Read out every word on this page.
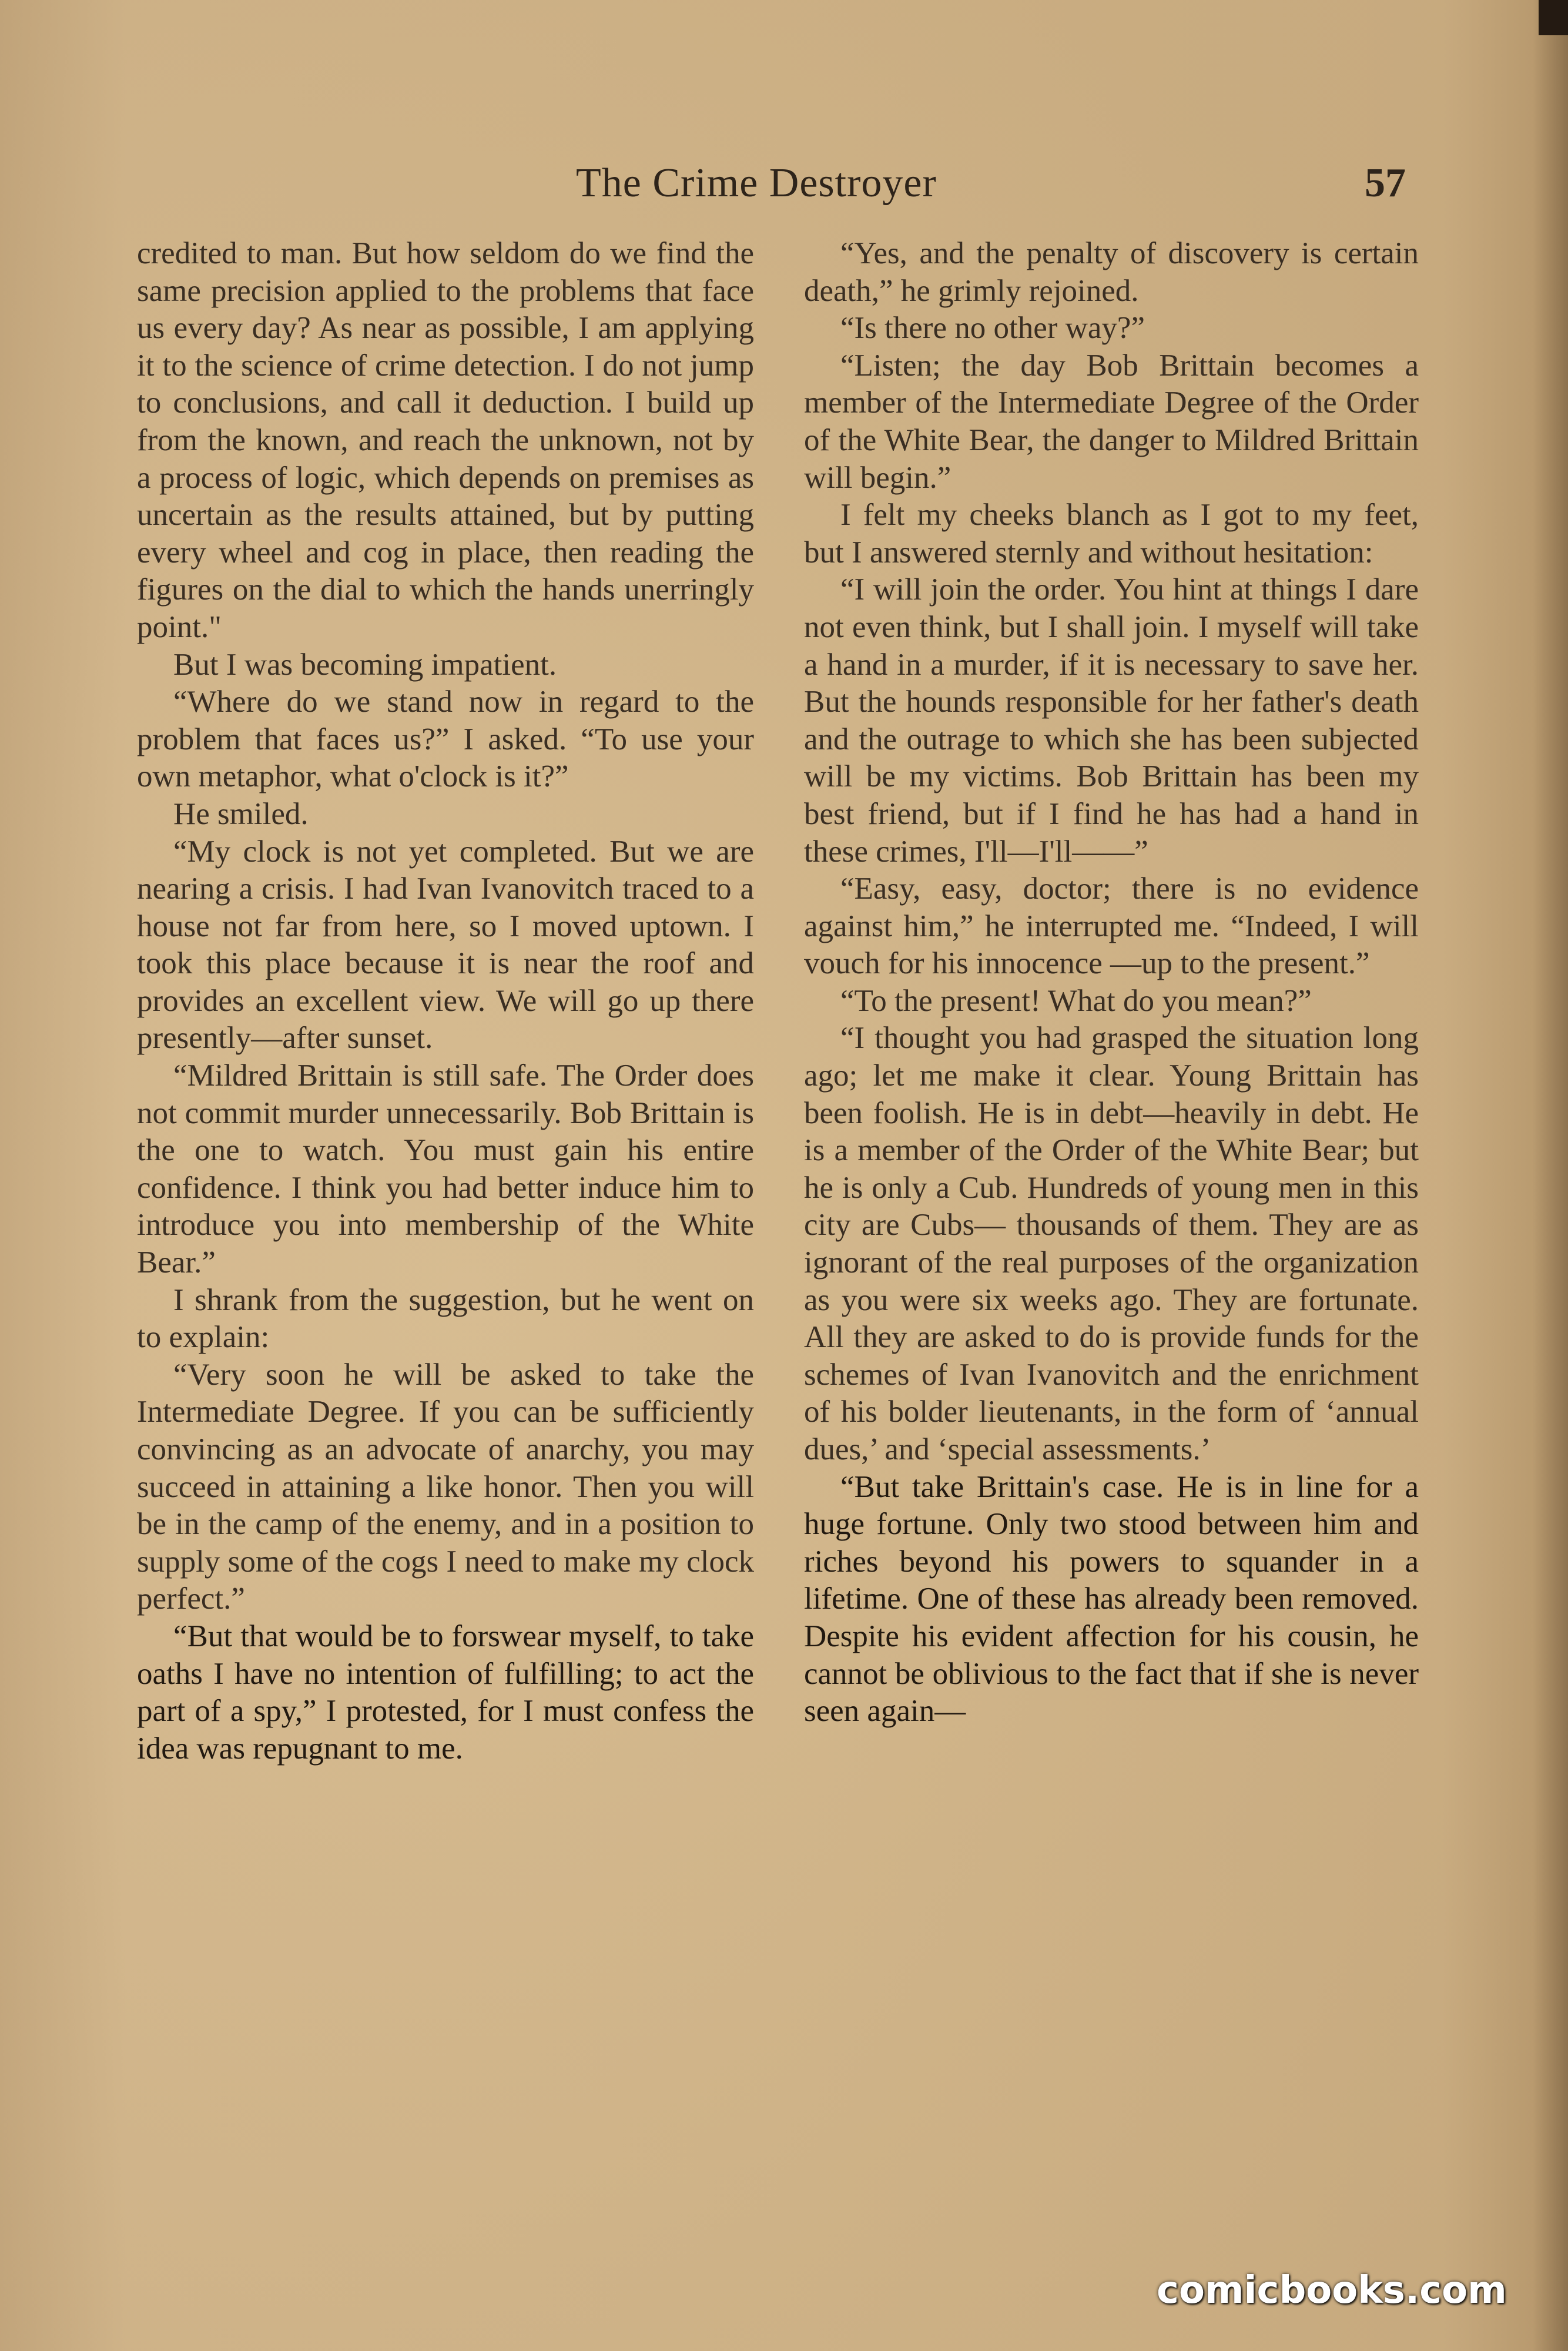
The Crime Destroyer	57

credited to man. But how seldom do we find the same precision applied to the problems that face us every day? As near as possible, I am applying it to the science of crime detection. I do not jump to conclusions, and call it deduction. I build up from the known, and reach the unknown, not by a process of logic, which depends on premises as uncertain as the results attained, but by putting every wheel and cog in place, then reading the figures on the dial to which the hands unerringly point."

But I was becoming impatient.

“Where do we stand now in regard to the problem that faces us?” I asked. “To use your own metaphor, what o'clock is it?”

He smiled.

“My clock is not yet completed. But we are nearing a crisis. I had Ivan Ivanovitch traced to a house not far from here, so I moved uptown. I took this place because it is near the roof and provides an excellent view. We will go up there presently—after sunset.

“Mildred Brittain is still safe. The Order does not commit murder unnecessarily. Bob Brittain is the one to watch. You must gain his entire confidence. I think you had better induce him to introduce you into membership of the White Bear.”

I shrank from the suggestion, but he went on to explain:

“Very soon he will be asked to take the Intermediate Degree. If you can be sufficiently convincing as an advocate of anarchy, you may succeed in attaining a like honor. Then you will be in the camp of the enemy, and in a position to supply some of the cogs I need to make my clock perfect.”

“But that would be to forswear myself, to take oaths I have no intention of fulfilling; to act the part of a spy,” I protested, for I must confess the idea was repugnant to me.

“Yes, and the penalty of discovery is certain death,” he grimly rejoined.

“Is there no other way?”

“Listen; the day Bob Brittain becomes a member of the Intermediate Degree of the Order of the White Bear, the danger to Mildred Brittain will begin.”

I felt my cheeks blanch as I got to my feet, but I answered sternly and without hesitation:

“I will join the order. You hint at things I dare not even think, but I shall join. I myself will take a hand in a murder, if it is necessary to save her. But the hounds responsible for her father's death and the outrage to which she has been subjected will be my victims. Bob Brittain has been my best friend, but if I find he has had a hand in these crimes, I'll—I'll——”

“Easy, easy, doctor; there is no evidence against him,” he interrupted me. “Indeed, I will vouch for his innocence —up to the present.”

“To the present! What do you mean?”

“I thought you had grasped the situation long ago; let me make it clear. Young Brittain has been foolish. He is in debt—heavily in debt. He is a member of the Order of the White Bear; but he is only a Cub. Hundreds of young men in this city are Cubs— thousands of them. They are as ignorant of the real purposes of the organization as you were six weeks ago. They are fortunate. All they are asked to do is provide funds for the schemes of Ivan Ivanovitch and the enrichment of his bolder lieutenants, in the form of ‘annual dues,’ and ‘special assessments.’

“But take Brittain's case. He is in line for a huge fortune. Only two stood between him and riches beyond his powers to squander in a lifetime. One of these has already been removed. Despite his evident affection for his cousin, he cannot be oblivious to the fact that if she is never seen again—

comicbooks.com
